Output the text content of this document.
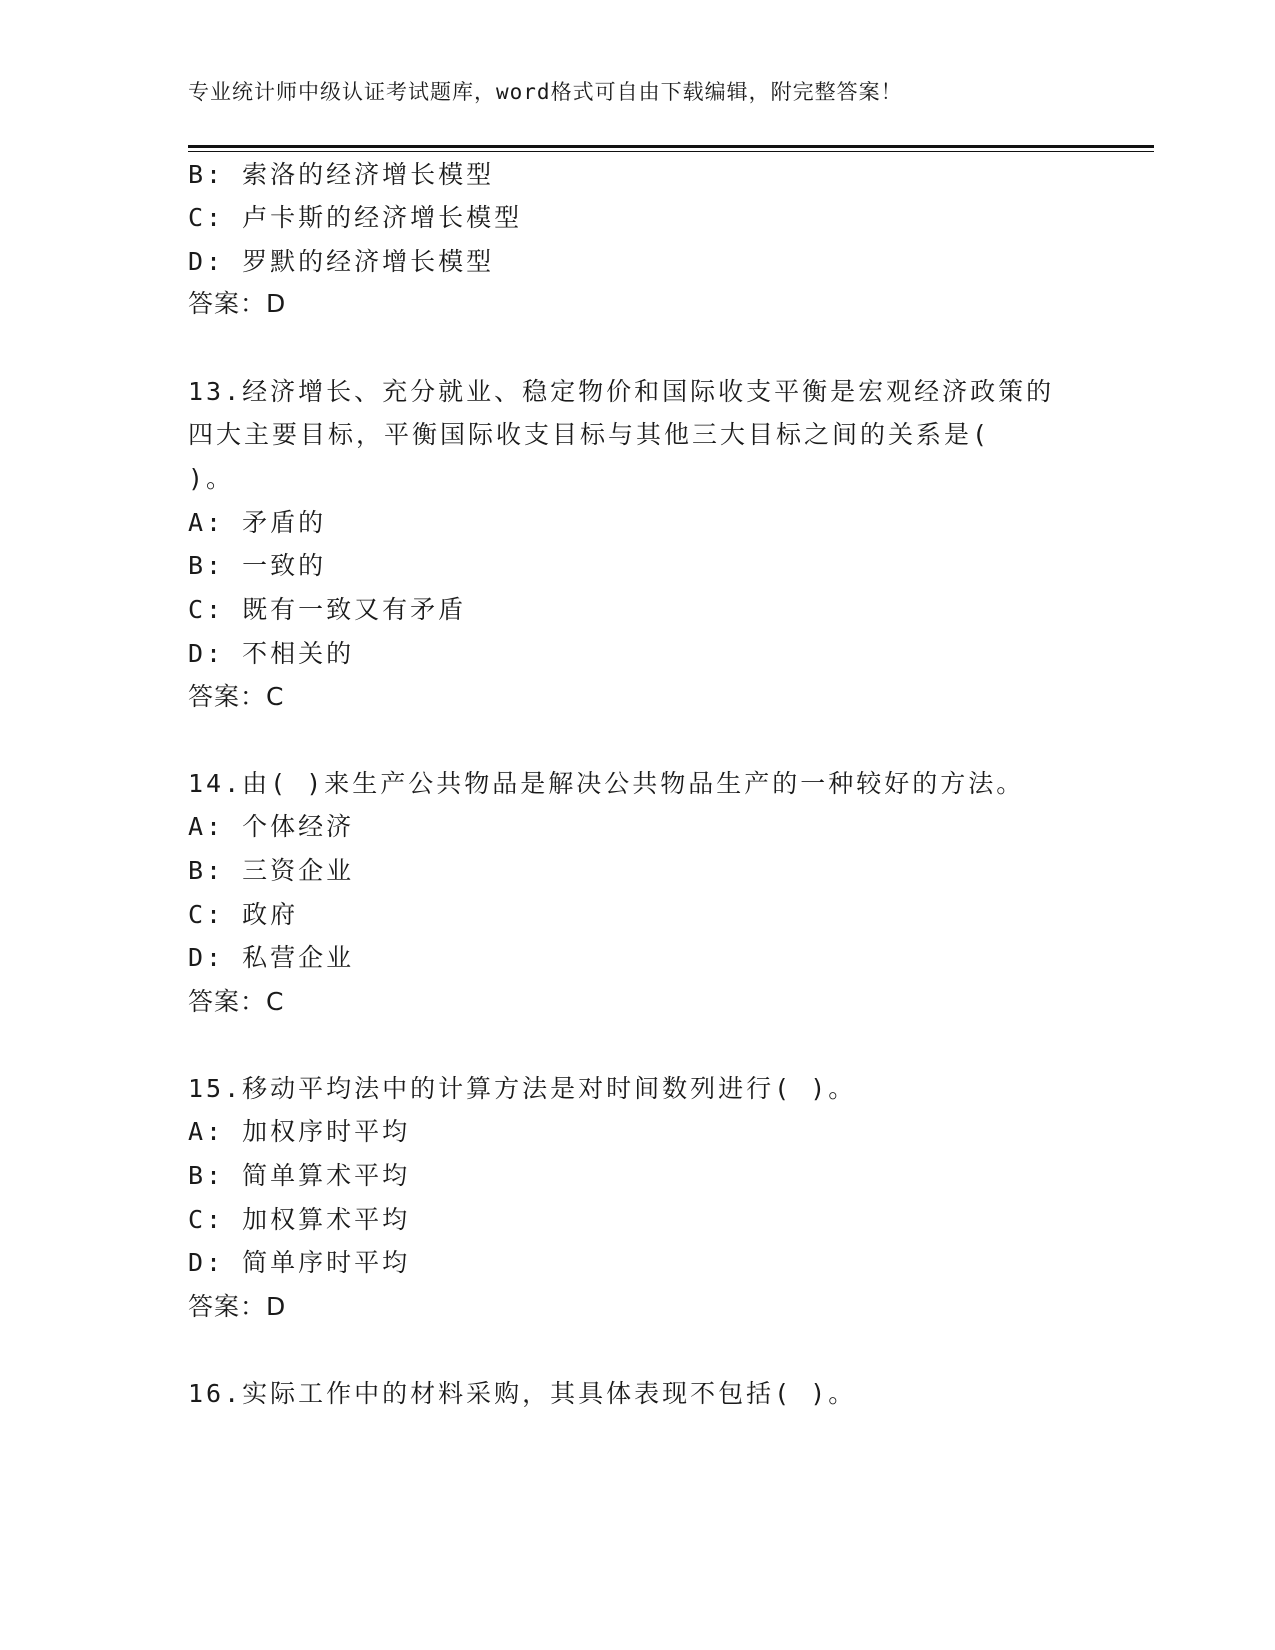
专业统计师中级认证考试题库，word格式可自由下载编辑，附完整答案！
B: 索洛的经济增长模型
C: 卢卡斯的经济增长模型
D: 罗默的经济增长模型
答案：D
13.经济增长、充分就业、稳定物价和国际收支平衡是宏观经济政策的
四大主要目标，平衡国际收支目标与其他三大目标之间的关系是(
)。
A: 矛盾的
B: 一致的
C: 既有一致又有矛盾
D: 不相关的
答案：C
14.由( )来生产公共物品是解决公共物品生产的一种较好的方法。
A: 个体经济
B: 三资企业
C: 政府
D: 私营企业
答案：C
15.移动平均法中的计算方法是对时间数列进行( )。
A: 加权序时平均
B: 简单算术平均
C: 加权算术平均
D: 简单序时平均
答案：D
16.实际工作中的材料采购，其具体表现不包括( )。
